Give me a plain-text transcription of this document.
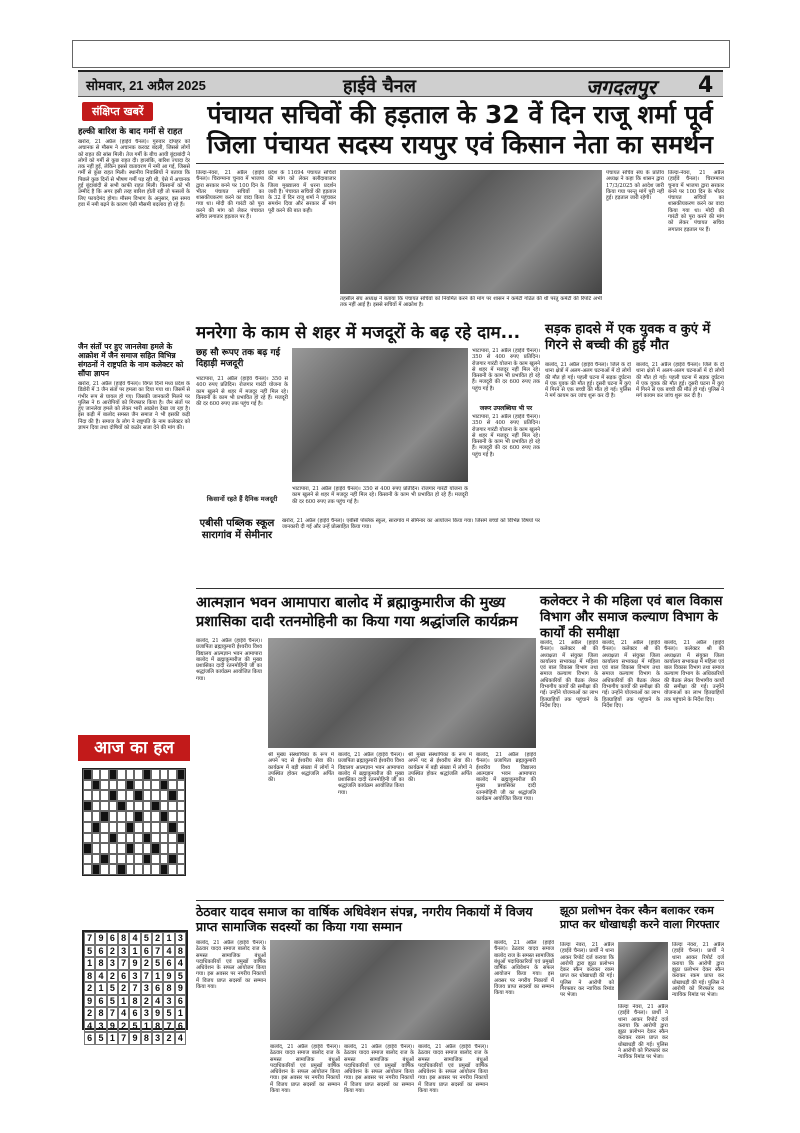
सोमवार, 21 अप्रैल 2025	हाईवे चैनल	जगदलपुर 4
संक्षिप्त खबरें
हल्की बारिश के बाद गर्मी से राहत
खरोरा, 21 अप्रैल (हाईवे चैनल)। गुरुवार दोपहर को अचानक से मौसम ने अचानक करवट बदली, जिससे लोगों को राहत की सांस मिली। तेज गर्मी के बीच आयी बूंदाबांदी ने लोगों को गर्मी से कुछ राहत दी। हालांकि, बारिश ज्यादा देर तक नहीं हुई, लेकिन इससे वातावरण में नमी आ गई, जिससे गर्मी से कुछ राहत मिली। स्थानीय निवासियों ने बताया कि पिछले कुछ दिनों से भीषण गर्मी पड़ रही थी, ऐसे में अचानक हुई बूंदाबांदी से सभी काफी राहत मिली। किसानों को भी उम्मीद है कि अगर इसी तरह बारिश होती रही तो फसलों के लिए फायदेमंद होगा। मौसम विभाग के अनुसार, इस समय हवा में नमी बढ़ने के कारण ऐसी मौसमी बदलाव हो रहे हैं।
जैन संतों पर हुए जानलेवा हमले के आक्रोश में जैन समाज सहित विभिन्न संगठनों ने राष्ट्रपति के नाम कलेक्टर को सौंपा ज्ञापन
खरोरा, 21 अप्रैल (हाईवे चैनल)। विगत दिनों मध्य प्रदेश के डिंडोरी में 3 जैन संतों पर हमला का दिया गया था। जिसमें से गंभीर रूप से घायल हो गए। जिसकी जानकारी मिलने पर पुलिस ने 6 आरोपियों को गिरफ्तार किया है। जैन संतों पर हुए जानलेवा हमले को लेकर भारी आक्रोश देखा जा रहा है। इस कड़ी में बालोद समस्त जैन समाज ने भी इसकी कड़ी निंदा की है। समाज के लोग ने राष्ट्रपति के नाम कलेक्टर को ज्ञापन दिया तथा दोषियों को कठोर सजा देने की मांग की।
आज का हल
7 9 6 8 4 5 2 1 3
5 6 2 3 1 6 7 4 8
1 8 3 7 9 2 5 6 4
8 4 2 6 3 7 1 9 5
2 1 5 2 7 3 6 8 9
9 6 5 1 8 2 4 3 6
2 8 7 4 6 3 9 5 1
4 3 9 2 5 1 8 7 6
6 5 1 7 9 8 3 2 4
पंचायत सचिवों की हड़ताल के 32 वें दिन राजू शर्मा पूर्व जिला पंचायत सदस्य रायपुर एवं किसान नेता का समर्थन
तिल्दा-नेवरा, 21 अप्रैल (हाईवे चैनल)। चिराग्माना चुनाव में भाजपा द्वारा सरकार बनने पर 100 दिन के भीतर पंचायत सचिवों का शासकीयकरण करने का वादा किया गया था। मोदी की गारंटी को पूरा करने की मांग को लेकर पंचायत सचिव लगातार हड़ताल पर हैं।
प्रदेश के 11694 पंचायत सचिवों की मांग को लेकर बलौदाबाजार जिला मुख्यालय में धरना प्रदर्शन जारी है। पंचायत सचिवों की हड़ताल के 32 वें दिन राजू शर्मा ने पहुंचकर समर्थन दिया और सरकार से मांग पूरी करने की बात कही।
तहसील संघ अध्यक्ष ने बताया कि पंचायत सचिवों को नियमित करने की मांग पर शासन ने कमेटी गठित की थी परंतु कमेटी की रिपोर्ट अभी तक नहीं आई है। इससे सचिवों में आक्रोश है।
पंचायत सचिव संघ के प्रांतीय अध्यक्ष ने कहा कि शासन द्वारा 17/3/2025 को आदेश जारी किया गया परन्तु मांगें पूरी नहीं हुई। हड़ताल जारी रहेगी।
तिल्दा-नेवरा, 21 अप्रैल (हाईवे चैनल)। चिराग्माना चुनाव में भाजपा द्वारा सरकार बनने पर 100 दिन के भीतर पंचायत सचिवों का शासकीयकरण करने का वादा किया गया था। मोदी की गारंटी को पूरा करने की मांग को लेकर पंचायत सचिव लगातार हड़ताल पर हैं।
मनरेगा के काम से शहर में मजदूरों के बढ़ रहे दाम...
छह सौ रूपए तक बढ़ गई दिहाड़ी मजदूरी
भाटापारा, 21 अप्रैल (हाईवे चैनल)। 350 से 400 रुपए प्रतिदिन। रोजगार गारंटी योजना के काम खुलने से शहर में मजदूर नहीं मिल रहे। किसानी के काम भी प्रभावित हो रहे हैं। मजदूरी की दर 600 रुपए तक पहुंच गई है।
किसानों रहते हैं दैनिक मजदूरी
भाटापारा, 21 अप्रैल (हाईवे चैनल)। 350 से 400 रुपए प्रतिदिन। रोजगार गारंटी योजना के काम खुलने से शहर में मजदूर नहीं मिल रहे। किसानी के काम भी प्रभावित हो रहे हैं। मजदूरी की दर 600 रुपए तक पहुंच गई है।
जरूर उपलब्धिया भी पर
भाटापारा, 21 अप्रैल (हाईवे चैनल)। 350 से 400 रुपए प्रतिदिन। रोजगार गारंटी योजना के काम खुलने से शहर में मजदूर नहीं मिल रहे। किसानी के काम भी प्रभावित हो रहे हैं। मजदूरी की दर 600 रुपए तक पहुंच गई है।
भाटापारा, 21 अप्रैल (हाईवे चैनल)। 350 से 400 रुपए प्रतिदिन। रोजगार गारंटी योजना के काम खुलने से शहर में मजदूर नहीं मिल रहे। किसानी के काम भी प्रभावित हो रहे हैं। मजदूरी की दर 600 रुपए तक पहुंच गई है।
सड़क हादसे में एक युवक व कुएं में गिरने से बच्ची की हुई मौत
बालोद, 21 अप्रैल (हाईवे चैनल)। जिले के दो थाना क्षेत्रों में अलग-अलग घटनाओं में दो लोगों की मौत हो गई। पहली घटना में सड़क दुर्घटना में एक युवक की मौत हुई। दूसरी घटना में कुएं में गिरने से एक बच्ची की मौत हो गई। पुलिस ने मर्ग कायम कर जांच शुरू कर दी है।
बालोद, 21 अप्रैल (हाईवे चैनल)। जिले के दो थाना क्षेत्रों में अलग-अलग घटनाओं में दो लोगों की मौत हो गई। पहली घटना में सड़क दुर्घटना में एक युवक की मौत हुई। दूसरी घटना में कुएं में गिरने से एक बच्ची की मौत हो गई। पुलिस ने मर्ग कायम कर जांच शुरू कर दी है।
एबीसी पब्लिक स्कूल सारागांव में सेमीनार
खरोरा, 21 अप्रैल (हाईवे चैनल)। एबीसी पब्लिक स्कूल, सारागांव में सेमिनार का आयोजन किया गया। जिसमें बच्चों को विभिन्न विषयों पर जानकारी दी गई और उन्हें प्रोत्साहित किया गया।
आत्मज्ञान भवन आमापारा बालोद में ब्रह्माकुमारीज की मुख्य प्रशासिका दादी रतनमोहिनी का किया गया श्रद्धांजलि कार्यक्रम
बालोद, 21 अप्रैल (हाईवे चैनल)। प्रजापिता ब्रह्माकुमारी ईश्वरीय विश्व विद्यालय आत्मज्ञान भवन आमापारा बालोद में ब्रह्माकुमारीज की मुख्य प्रशासिका दादी रतनमोहिनी जी का श्रद्धांजलि कार्यक्रम आयोजित किया गया।
श्री मुख्य संस्थापिका के रूप में अपने पद से ईश्वरीय सेवा की। कार्यक्रम में बड़ी संख्या में लोगों ने उपस्थित होकर श्रद्धांजलि अर्पित की।
बालोद, 21 अप्रैल (हाईवे चैनल)। प्रजापिता ब्रह्माकुमारी ईश्वरीय विश्व विद्यालय आत्मज्ञान भवन आमापारा बालोद में ब्रह्माकुमारीज की मुख्य प्रशासिका दादी रतनमोहिनी जी का श्रद्धांजलि कार्यक्रम आयोजित किया गया।
श्री मुख्य संस्थापिका के रूप में अपने पद से ईश्वरीय सेवा की। कार्यक्रम में बड़ी संख्या में लोगों ने उपस्थित होकर श्रद्धांजलि अर्पित की।
बालोद, 21 अप्रैल (हाईवे चैनल)। प्रजापिता ब्रह्माकुमारी ईश्वरीय विश्व विद्यालय आत्मज्ञान भवन आमापारा बालोद में ब्रह्माकुमारीज की मुख्य प्रशासिका दादी रतनमोहिनी जी का श्रद्धांजलि कार्यक्रम आयोजित किया गया।
कलेक्टर ने की महिला एवं बाल विकास विभाग और समाज कल्याण विभाग के कार्यों की समीक्षा
बालोद, 21 अप्रैल (हाईवे चैनल)। कलेक्टर श्री की अध्यक्षता में संयुक्त जिला कार्यालय सभाकक्ष में महिला एवं बाल विकास विभाग तथा समाज कल्याण विभाग के अधिकारियों की बैठक लेकर विभागीय कार्यों की समीक्षा की गई। उन्होंने योजनाओं का लाभ हितग्राहियों तक पहुंचाने के निर्देश दिए।
बालोद, 21 अप्रैल (हाईवे चैनल)। कलेक्टर श्री की अध्यक्षता में संयुक्त जिला कार्यालय सभाकक्ष में महिला एवं बाल विकास विभाग तथा समाज कल्याण विभाग के अधिकारियों की बैठक लेकर विभागीय कार्यों की समीक्षा की गई। उन्होंने योजनाओं का लाभ हितग्राहियों तक पहुंचाने के निर्देश दिए।
बालोद, 21 अप्रैल (हाईवे चैनल)। कलेक्टर श्री की अध्यक्षता में संयुक्त जिला कार्यालय सभाकक्ष में महिला एवं बाल विकास विभाग तथा समाज कल्याण विभाग के अधिकारियों की बैठक लेकर विभागीय कार्यों की समीक्षा की गई। उन्होंने योजनाओं का लाभ हितग्राहियों तक पहुंचाने के निर्देश दिए।
ठेठवार यादव समाज का वार्षिक अधिवेशन संपन्न, नगरीय निकायों में विजय प्राप्त सामाजिक सदस्यों का किया गया सम्मान
बालोद, 21 अप्रैल (हाईवे चैनल)। ठेठवार यादव समाज बालोद राज के समस्त सामाजिक बंधुओं पदाधिकारियों एवं प्रमुखों वार्षिक अधिवेशन के सफल आयोजन किया गया। इस अवसर पर नगरीय निकायों में विजय प्राप्त सदस्यों का सम्मान किया गया।
बालोद, 21 अप्रैल (हाईवे चैनल)। ठेठवार यादव समाज बालोद राज के समस्त सामाजिक बंधुओं पदाधिकारियों एवं प्रमुखों वार्षिक अधिवेशन के सफल आयोजन किया गया। इस अवसर पर नगरीय निकायों में विजय प्राप्त सदस्यों का सम्मान किया गया।
बालोद, 21 अप्रैल (हाईवे चैनल)। ठेठवार यादव समाज बालोद राज के समस्त सामाजिक बंधुओं पदाधिकारियों एवं प्रमुखों वार्षिक अधिवेशन के सफल आयोजन किया गया। इस अवसर पर नगरीय निकायों में विजय प्राप्त सदस्यों का सम्मान किया गया।
बालोद, 21 अप्रैल (हाईवे चैनल)। ठेठवार यादव समाज बालोद राज के समस्त सामाजिक बंधुओं पदाधिकारियों एवं प्रमुखों वार्षिक अधिवेशन के सफल आयोजन किया गया। इस अवसर पर नगरीय निकायों में विजय प्राप्त सदस्यों का सम्मान किया गया।
बालोद, 21 अप्रैल (हाईवे चैनल)। ठेठवार यादव समाज बालोद राज के समस्त सामाजिक बंधुओं पदाधिकारियों एवं प्रमुखों वार्षिक अधिवेशन के सफल आयोजन किया गया। इस अवसर पर नगरीय निकायों में विजय प्राप्त सदस्यों का सम्मान किया गया।
झूठा प्रलोभन देकर स्कैन बलाकर रकम प्राप्त कर धोखाधड़ी करने वाला गिरफ्तार
तिल्दा नेवरा, 21 अप्रैल (हाईवे चैनल)। प्रार्थी ने थाना आकर रिपोर्ट दर्ज कराया कि आरोपी द्वारा झूठा प्रलोभन देकर स्कैन कराकर रकम प्राप्त कर धोखाधड़ी की गई। पुलिस ने आरोपी को गिरफ्तार कर न्यायिक रिमांड पर भेजा।
तिल्दा नेवरा, 21 अप्रैल (हाईवे चैनल)। प्रार्थी ने थाना आकर रिपोर्ट दर्ज कराया कि आरोपी द्वारा झूठा प्रलोभन देकर स्कैन कराकर रकम प्राप्त कर धोखाधड़ी की गई। पुलिस ने आरोपी को गिरफ्तार कर न्यायिक रिमांड पर भेजा।
तिल्दा नेवरा, 21 अप्रैल (हाईवे चैनल)। प्रार्थी ने थाना आकर रिपोर्ट दर्ज कराया कि आरोपी द्वारा झूठा प्रलोभन देकर स्कैन कराकर रकम प्राप्त कर धोखाधड़ी की गई। पुलिस ने आरोपी को गिरफ्तार कर न्यायिक रिमांड पर भेजा।
